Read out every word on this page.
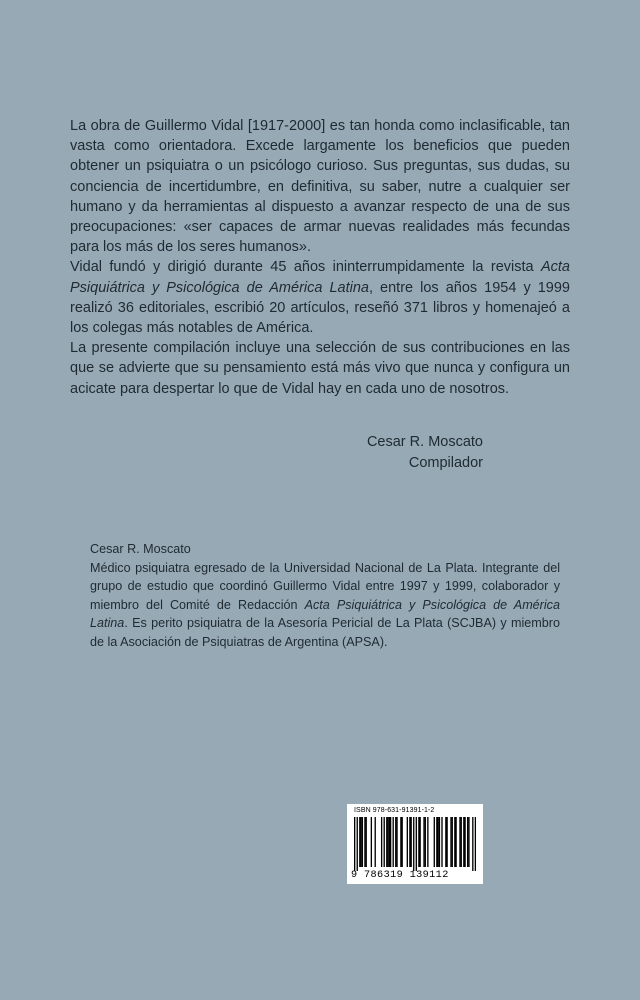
La obra de Guillermo Vidal [1917-2000] es tan honda como inclasificable, tan vasta como orientadora. Excede largamente los beneficios que pueden obtener un psiquiatra o un psicólogo curioso. Sus preguntas, sus dudas, su conciencia de incertidumbre, en definitiva, su saber, nutre a cualquier ser humano y da herramientas al dispuesto a avanzar respecto de una de sus preocupaciones: «ser capaces de armar nuevas realidades más fecundas para los más de los seres humanos».

Vidal fundó y dirigió durante 45 años ininterrumpidamente la revista Acta Psiquiátrica y Psicológica de América Latina, entre los años 1954 y 1999 realizó 36 editoriales, escribió 20 artículos, reseñó 371 libros y homenajeó a los colegas más notables de América.

La presente compilación incluye una selección de sus contribuciones en las que se advierte que su pensamiento está más vivo que nunca y configura un acicate para despertar lo que de Vidal hay en cada uno de nosotros.

Cesar R. Moscato
Compilador

Cesar R. Moscato

Médico psiquiatra egresado de la Universidad Nacional de La Plata. Integrante del grupo de estudio que coordinó Guillermo Vidal entre 1997 y 1999, colaborador y miembro del Comité de Redacción Acta Psiquiátrica y Psicológica de América Latina. Es perito psiquiatra de la Asesoría Pericial de La Plata (SCJBA) y miembro de la Asociación de Psiquiatras de Argentina (APSA).

ISBN 978-631-91391-1-2
9 786319 139112
